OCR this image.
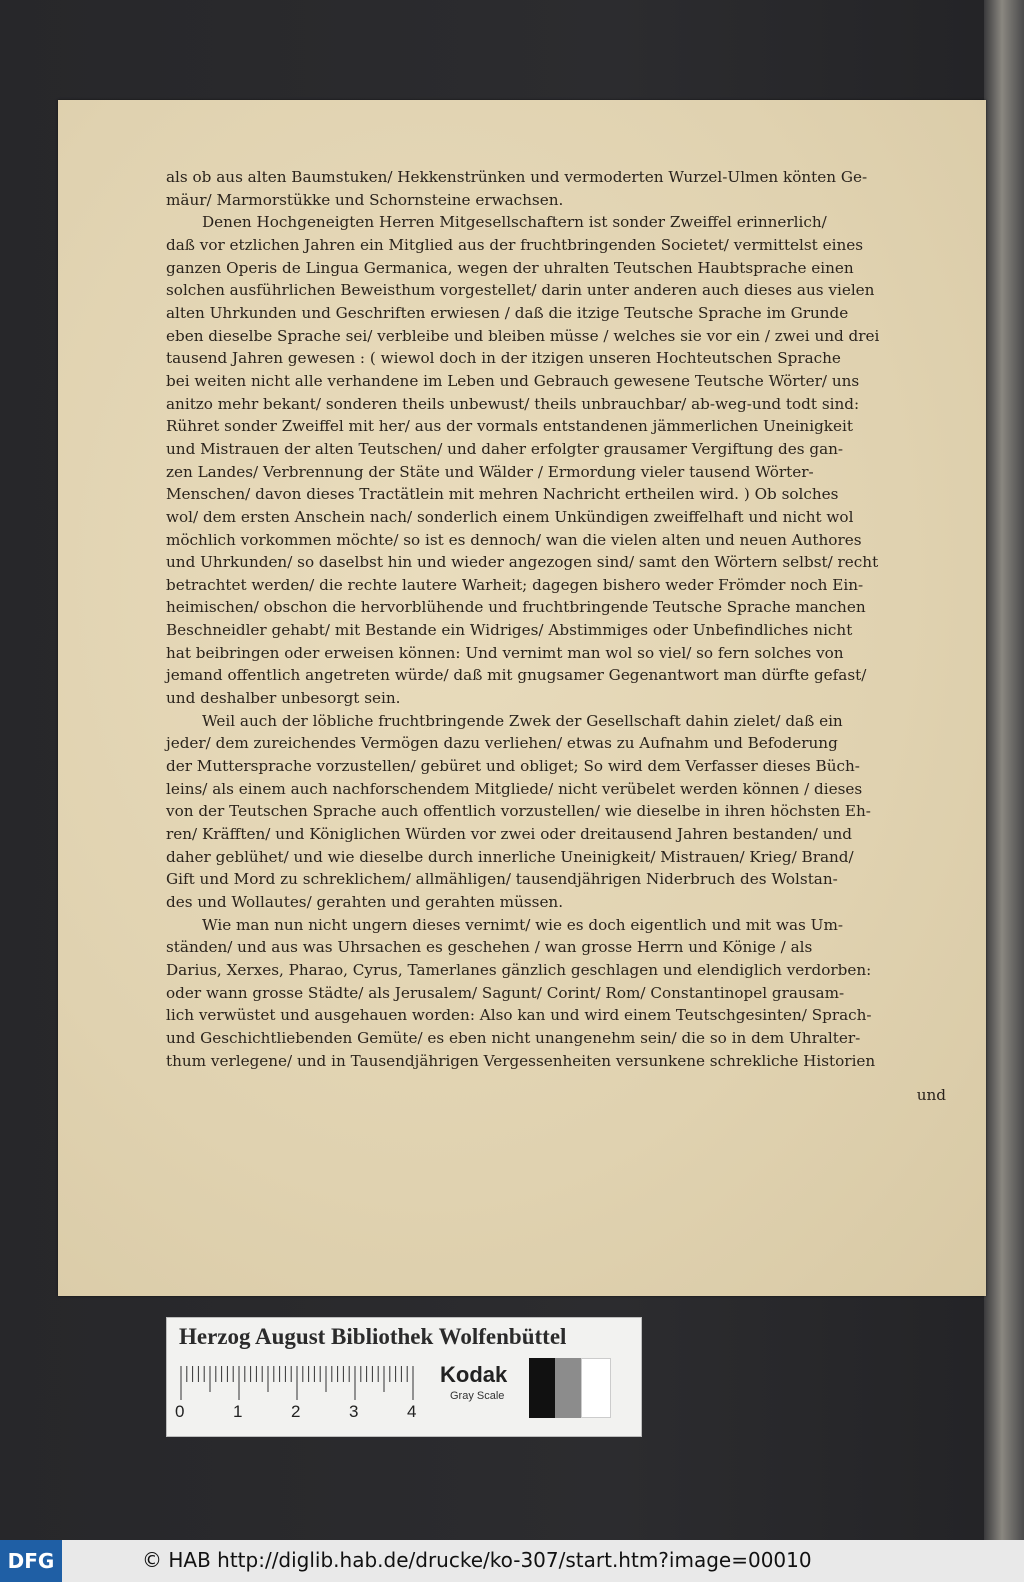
als ob aus alten Baumstuken/ Hekkenstrünken und vermoderten Wurzel-Ulmen könten Ge-
mäur/ Marmorstükke und Schornsteine erwachsen.

Denen Hochgeneigten Herren Mitgesellschaftern ist sonder Zweiffel erinnerlich/
daß vor etzlichen Jahren ein Mitglied aus der fruchtbringenden Societet/ vermittelst eines
ganzen Operis de Lingua Germanica, wegen der uhralten Teutschen Haubtsprache einen
solchen ausführlichen Beweisthum vorgestellet/ darin unter anderen auch dieses aus vielen
alten Uhrkunden und Geschriften erwiesen / daß die itzige Teutsche Sprache im Grunde
eben dieselbe Sprache sei/ verbleibe und bleiben müsse / welches sie vor ein / zwei und drei
tausend Jahren gewesen : ( wiewol doch in der itzigen unseren Hochteutschen Sprache
bei weiten nicht alle verhandene im Leben und Gebrauch gewesene Teutsche Wörter/ uns
anitzo mehr bekant/ sonderen theils unbewust/ theils unbrauchbar/ ab-weg-und todt sind:
Rühret sonder Zweiffel mit her/ aus der vormals entstandenen jämmerlichen Uneinigkeit
und Mistrauen der alten Teutschen/ und daher erfolgter grausamer Vergiftung des gan-
zen Landes/ Verbrennung der Stäte und Wälder / Ermordung vieler tausend Wörter-
Menschen/ davon dieses Tractätlein mit mehren Nachricht ertheilen wird. ) Ob solches
wol/ dem ersten Anschein nach/ sonderlich einem Unkündigen zweiffelhaft und nicht wol
möchlich vorkommen möchte/ so ist es dennoch/ wan die vielen alten und neuen Authores
und Uhrkunden/ so daselbst hin und wieder angezogen sind/ samt den Wörtern selbst/ recht
betrachtet werden/ die rechte lautere Warheit; dagegen bishero weder Frömder noch Ein-
heimischen/ obschon die hervorblühende und fruchtbringende Teutsche Sprache manchen
Beschneidler gehabt/ mit Bestande ein Widriges/ Abstimmiges oder Unbefindliches nicht
hat beibringen oder erweisen können: Und vernimt man wol so viel/ so fern solches von
jemand offentlich angetreten würde/ daß mit gnugsamer Gegenantwort man dürfte gefast/
und deshalber unbesorgt sein.

Weil auch der löbliche fruchtbringende Zwek der Gesellschaft dahin zielet/ daß ein
jeder/ dem zureichendes Vermögen dazu verliehen/ etwas zu Aufnahm und Befoderung
der Muttersprache vorzustellen/ gebüret und obliget; So wird dem Verfasser dieses Büch-
leins/ als einem auch nachforschendem Mitgliede/ nicht verübelet werden können / dieses
von der Teutschen Sprache auch offentlich vorzustellen/ wie dieselbe in ihren höchsten Eh-
ren/ Kräfften/ und Königlichen Würden vor zwei oder dreitausend Jahren bestanden/ und
daher geblühet/ und wie dieselbe durch innerliche Uneinigkeit/ Mistrauen/ Krieg/ Brand/
Gift und Mord zu schreklichem/ allmähligen/ tausendjährigen Niderbruch des Wolstan-
des und Wollautes/ gerahten und gerahten müssen.

Wie man nun nicht ungern dieses vernimt/ wie es doch eigentlich und mit was Um-
ständen/ und aus was Uhrsachen es geschehen / wan grosse Herrn und Könige / als
Darius, Xerxes, Pharao, Cyrus, Tamerlanes gänzlich geschlagen und elendiglich verdorben:
oder wann grosse Städte/ als Jerusalem/ Sagunt/ Corint/ Rom/ Constantinopel grausam-
lich verwüstet und ausgehauen worden: Also kan und wird einem Teutschgesinten/ Sprach-
und Geschichtliebenden Gemüte/ es eben nicht unangenehm sein/ die so in dem Uhralter-
thum verlegene/ und in Tausendjährigen Vergessenheiten versunkene schrekliche Historien

und
Herzog August Bibliothek Wolfenbüttel
0	1	2	3	4
Kodak
Gray Scale
DFG	© HAB http://diglib.hab.de/drucke/ko-307/start.htm?image=00010
